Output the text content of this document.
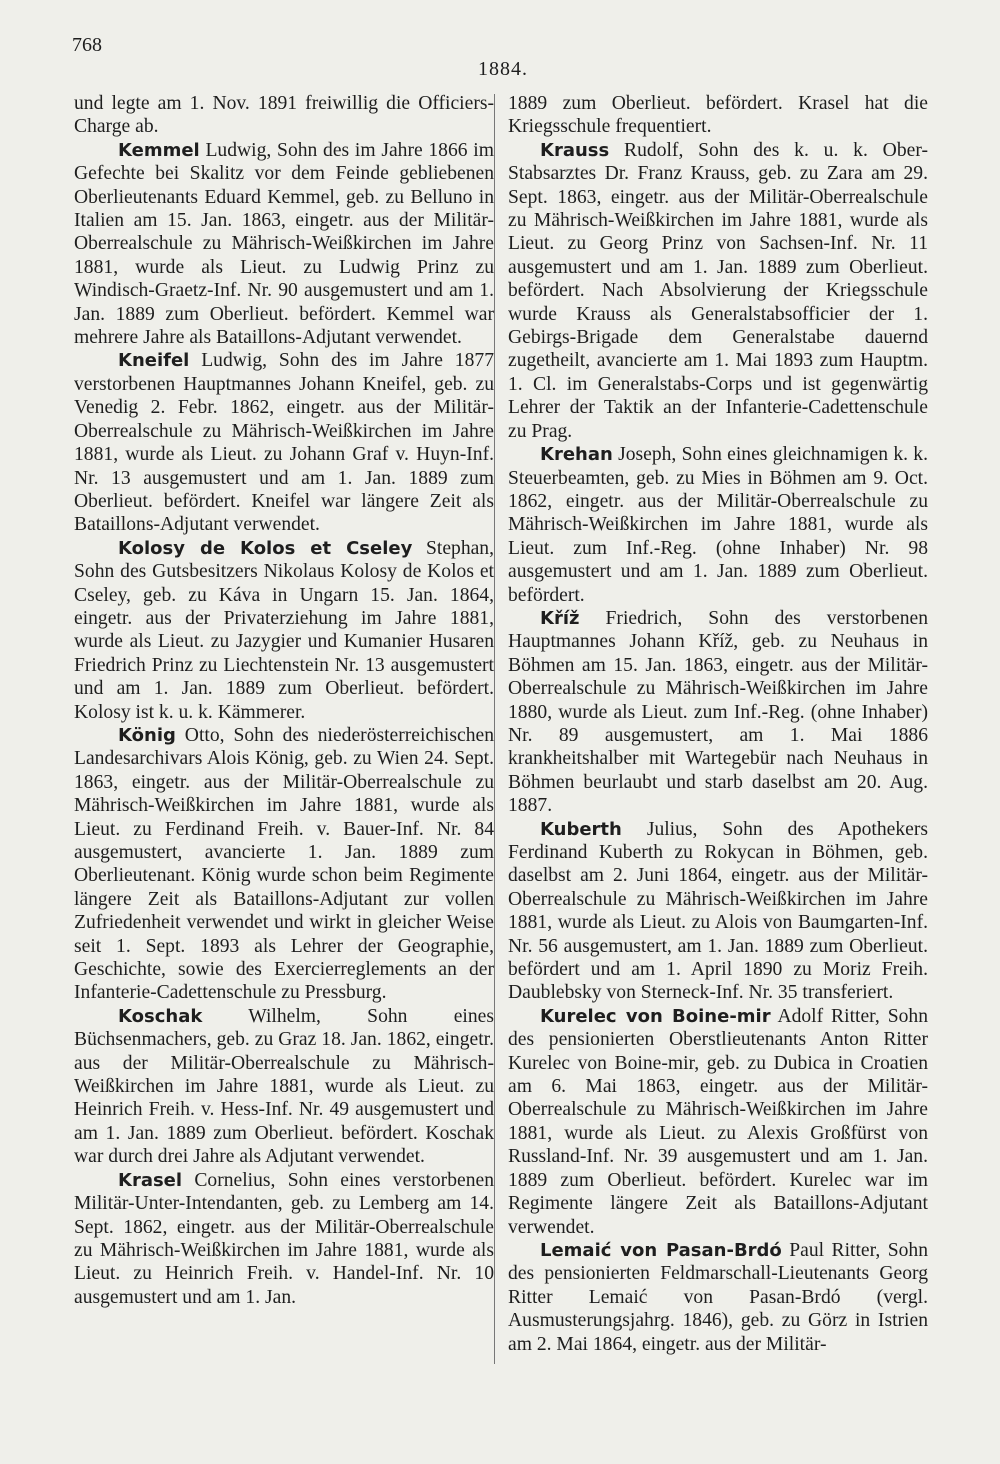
768
1884.

und legte am 1. Nov. 1891 freiwillig die Officiers-Charge ab.

Kemmel Ludwig, Sohn des im Jahre 1866 im Gefechte bei Skalitz vor dem Feinde gebliebenen Oberlieutenants Eduard Kemmel, geb. zu Belluno in Italien am 15. Jan. 1863, eingetr. aus der Militär-Oberrealschule zu Mährisch-Weißkirchen im Jahre 1881, wurde als Lieut. zu Ludwig Prinz zu Windisch-Graetz-Inf. Nr. 90 ausgemustert und am 1. Jan. 1889 zum Oberlieut. befördert. Kemmel war mehrere Jahre als Bataillons-Adjutant verwendet.

Kneifel Ludwig, Sohn des im Jahre 1877 verstorbenen Hauptmannes Johann Kneifel, geb. zu Venedig 2. Febr. 1862, eingetr. aus der Militär-Oberrealschule zu Mährisch-Weißkirchen im Jahre 1881, wurde als Lieut. zu Johann Graf v. Huyn-Inf. Nr. 13 ausgemustert und am 1. Jan. 1889 zum Oberlieut. befördert. Kneifel war längere Zeit als Bataillons-Adjutant verwendet.

Kolosy de Kolos et Cseley Stephan, Sohn des Gutsbesitzers Nikolaus Kolosy de Kolos et Cseley, geb. zu Káva in Ungarn 15. Jan. 1864, eingetr. aus der Privaterziehung im Jahre 1881, wurde als Lieut. zu Jazygier und Kumanier Husaren Friedrich Prinz zu Liechtenstein Nr. 13 ausgemustert und am 1. Jan. 1889 zum Oberlieut. befördert. Kolosy ist k. u. k. Kämmerer.

König Otto, Sohn des niederösterreichischen Landesarchivars Alois König, geb. zu Wien 24. Sept. 1863, eingetr. aus der Militär-Oberrealschule zu Mährisch-Weißkirchen im Jahre 1881, wurde als Lieut. zu Ferdinand Freih. v. Bauer-Inf. Nr. 84 ausgemustert, avancierte 1. Jan. 1889 zum Oberlieutenant. König wurde schon beim Regimente längere Zeit als Bataillons-Adjutant zur vollen Zufriedenheit verwendet und wirkt in gleicher Weise seit 1. Sept. 1893 als Lehrer der Geographie, Geschichte, sowie des Exercierreglements an der Infanterie-Cadettenschule zu Pressburg.

Koschak Wilhelm, Sohn eines Büchsenmachers, geb. zu Graz 18. Jan. 1862, eingetr. aus der Militär-Oberrealschule zu Mährisch-Weißkirchen im Jahre 1881, wurde als Lieut. zu Heinrich Freih. v. Hess-Inf. Nr. 49 ausgemustert und am 1. Jan. 1889 zum Oberlieut. befördert. Koschak war durch drei Jahre als Adjutant verwendet.

Krasel Cornelius, Sohn eines verstorbenen Militär-Unter-Intendanten, geb. zu Lemberg am 14. Sept. 1862, eingetr. aus der Militär-Oberrealschule zu Mährisch-Weißkirchen im Jahre 1881, wurde als Lieut. zu Heinrich Freih. v. Handel-Inf. Nr. 10 ausgemustert und am 1. Jan.

1889 zum Oberlieut. befördert. Krasel hat die Kriegsschule frequentiert.

Krauss Rudolf, Sohn des k. u. k. Ober-Stabsarztes Dr. Franz Krauss, geb. zu Zara am 29. Sept. 1863, eingetr. aus der Militär-Oberrealschule zu Mährisch-Weißkirchen im Jahre 1881, wurde als Lieut. zu Georg Prinz von Sachsen-Inf. Nr. 11 ausgemustert und am 1. Jan. 1889 zum Oberlieut. befördert. Nach Absolvierung der Kriegsschule wurde Krauss als Generalstabsofficier der 1. Gebirgs-Brigade dem Generalstabe dauernd zugetheilt, avancierte am 1. Mai 1893 zum Hauptm. 1. Cl. im Generalstabs-Corps und ist gegenwärtig Lehrer der Taktik an der Infanterie-Cadettenschule zu Prag.

Krehan Joseph, Sohn eines gleichnamigen k. k. Steuerbeamten, geb. zu Mies in Böhmen am 9. Oct. 1862, eingetr. aus der Militär-Oberrealschule zu Mährisch-Weißkirchen im Jahre 1881, wurde als Lieut. zum Inf.-Reg. (ohne Inhaber) Nr. 98 ausgemustert und am 1. Jan. 1889 zum Oberlieut. befördert.

Kříž Friedrich, Sohn des verstorbenen Hauptmannes Johann Kříž, geb. zu Neuhaus in Böhmen am 15. Jan. 1863, eingetr. aus der Militär-Oberrealschule zu Mährisch-Weißkirchen im Jahre 1880, wurde als Lieut. zum Inf.-Reg. (ohne Inhaber) Nr. 89 ausgemustert, am 1. Mai 1886 krankheitshalber mit Wartegebür nach Neuhaus in Böhmen beurlaubt und starb daselbst am 20. Aug. 1887.

Kuberth Julius, Sohn des Apothekers Ferdinand Kuberth zu Rokycan in Böhmen, geb. daselbst am 2. Juni 1864, eingetr. aus der Militär-Oberrealschule zu Mährisch-Weißkirchen im Jahre 1881, wurde als Lieut. zu Alois von Baumgarten-Inf. Nr. 56 ausgemustert, am 1. Jan. 1889 zum Oberlieut. befördert und am 1. April 1890 zu Moriz Freih. Daublebsky von Sterneck-Inf. Nr. 35 transferiert.

Kurelec von Boine-mir Adolf Ritter, Sohn des pensionierten Oberstlieutenants Anton Ritter Kurelec von Boine-mir, geb. zu Dubica in Croatien am 6. Mai 1863, eingetr. aus der Militär-Oberrealschule zu Mährisch-Weißkirchen im Jahre 1881, wurde als Lieut. zu Alexis Großfürst von Russland-Inf. Nr. 39 ausgemustert und am 1. Jan. 1889 zum Oberlieut. befördert. Kurelec war im Regimente längere Zeit als Bataillons-Adjutant verwendet.

Lemaić von Pasan-Brdó Paul Ritter, Sohn des pensionierten Feldmarschall-Lieutenants Georg Ritter Lemaić von Pasan-Brdó (vergl. Ausmusterungsjahrg. 1846), geb. zu Görz in Istrien am 2. Mai 1864, eingetr. aus der Militär-
